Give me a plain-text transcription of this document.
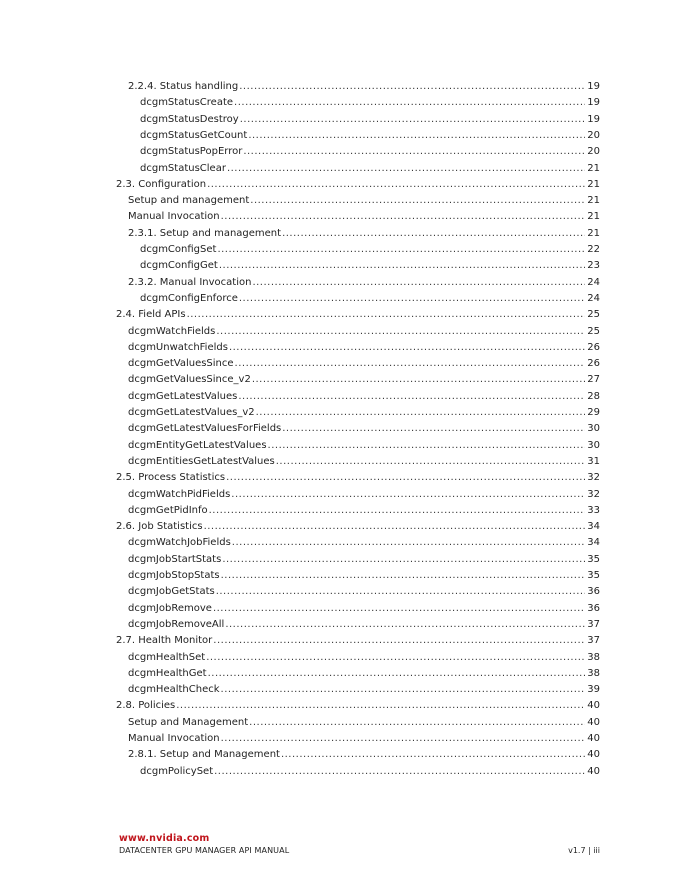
2.2.4. Status handling .....	19
dcgmStatusCreate .....	19
dcgmStatusDestroy .....	19
dcgmStatusGetCount .....	20
dcgmStatusPopError .....	20
dcgmStatusClear .....	21
2.3. Configuration .....	21
Setup and management .....	21
Manual Invocation .....	21
2.3.1. Setup and management .....	21
dcgmConfigSet .....	22
dcgmConfigGet .....	23
2.3.2. Manual Invocation .....	24
dcgmConfigEnforce .....	24
2.4. Field APIs .....	25
dcgmWatchFields .....	25
dcgmUnwatchFields .....	26
dcgmGetValuesSince .....	26
dcgmGetValuesSince_v2 .....	27
dcgmGetLatestValues .....	28
dcgmGetLatestValues_v2 .....	29
dcgmGetLatestValuesForFields .....	30
dcgmEntityGetLatestValues .....	30
dcgmEntitiesGetLatestValues .....	31
2.5. Process Statistics .....	32
dcgmWatchPidFields .....	32
dcgmGetPidInfo .....	33
2.6. Job Statistics .....	34
dcgmWatchJobFields .....	34
dcgmJobStartStats .....	35
dcgmJobStopStats .....	35
dcgmJobGetStats .....	36
dcgmJobRemove .....	36
dcgmJobRemoveAll .....	37
2.7. Health Monitor .....	37
dcgmHealthSet .....	38
dcgmHealthGet .....	38
dcgmHealthCheck .....	39
2.8. Policies .....	40
Setup and Management .....	40
Manual Invocation .....	40
2.8.1. Setup and Management .....	40
dcgmPolicySet .....	40
www.nvidia.com
DATACENTER GPU MANAGER API MANUAL	v1.7 | iii
